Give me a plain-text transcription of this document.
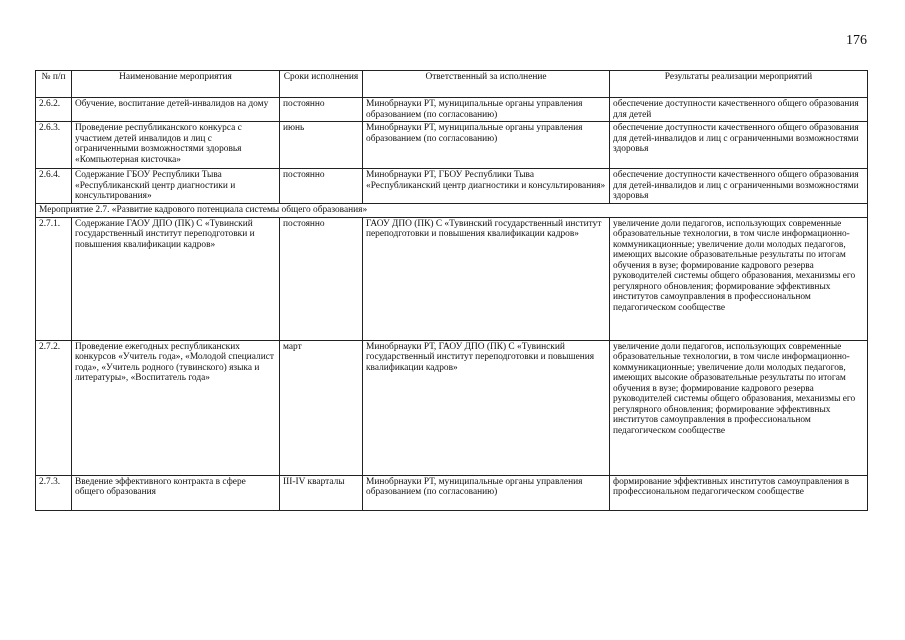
176
№ п/п	Наименование мероприятия	Сроки исполнения	Ответственный за исполнение	Результаты реализации мероприятий
2.6.2.	Обучение, воспитание детей-инвалидов на дому	постоянно	Минобрнауки РТ, муниципальные органы управления образованием (по согласованию)	обеспечение доступности качественного общего образования для детей
2.6.3.	Проведение республиканского конкурса с участием детей инвалидов и лиц с ограниченными возможностями здоровья «Компьютерная кисточка»	июнь	Минобрнауки РТ, муниципальные органы управления образованием (по согласованию)	обеспечение доступности качественного общего образования для детей-инвалидов и лиц с ограниченными возможностями здоровья
2.6.4.	Содержание ГБОУ Республики Тыва «Республиканский центр диагностики и консультирования»	постоянно	Минобрнауки РТ, ГБОУ Республики Тыва «Республиканский центр диагностики и консультирования»	обеспечение доступности качественного общего образования для детей-инвалидов и лиц с ограниченными возможностями здоровья
Мероприятие 2.7. «Развитие кадрового потенциала системы общего образования»				
2.7.1.	Содержание ГАОУ ДПО (ПК) С «Тувинский государственный институт переподготовки и повышения квалификации кадров»	постоянно	ГАОУ ДПО (ПК) С «Тувинский государственный институт переподготовки и повышения квалификации кадров»	увеличение доли педагогов, использующих современные образовательные технологии, в том числе информационно-коммуникационные; увеличение доли молодых педагогов, имеющих высокие образовательные результаты по итогам обучения в вузе; формирование кадрового резерва руководителей системы общего образования, механизмы его регулярного обновления; формирование эффективных институтов самоуправления в профессиональном педагогическом сообществе
2.7.2.	Проведение ежегодных республиканских конкурсов «Учитель года», «Молодой специалист года», «Учитель родного (тувинского) языка и литературы», «Воспитатель года»	март	Минобрнауки РТ, ГАОУ ДПО (ПК) С «Тувинский государственный институт переподготовки и повышения квалификации кадров»	увеличение доли педагогов, использующих современные образовательные технологии, в том числе информационно-коммуникационные; увеличение доли молодых педагогов, имеющих высокие образовательные результаты по итогам обучения в вузе; формирование кадрового резерва руководителей системы общего образования, механизмы его регулярного обновления; формирование эффективных институтов самоуправления в профессиональном педагогическом сообществе
2.7.3.	Введение эффективного контракта в сфере общего образования	III-IV кварталы	Минобрнауки РТ, муниципальные органы управления образованием (по согласованию)	формирование эффективных институтов самоуправления в профессиональном педагогическом сообществе
